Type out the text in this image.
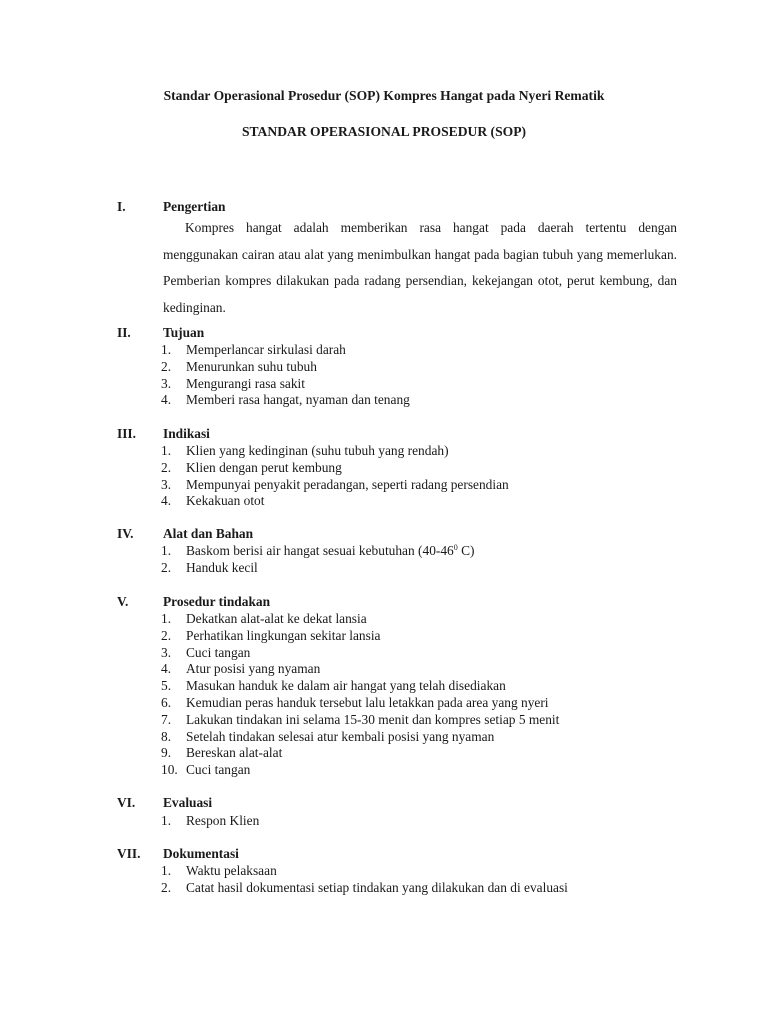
Standar Operasional Prosedur (SOP) Kompres Hangat pada Nyeri Rematik
STANDAR OPERASIONAL PROSEDUR (SOP)
I.	Pengertian

Kompres hangat adalah memberikan rasa hangat pada daerah tertentu dengan menggunakan cairan atau alat yang menimbulkan hangat pada bagian tubuh yang memerlukan. Pemberian kompres dilakukan pada radang persendian, kekejangan otot, perut kembung, dan kedinginan.

II. Tujuan
1. Memperlancar sirkulasi darah
2. Menurunkan suhu tubuh
3. Mengurangi rasa sakit
4. Memberi rasa hangat, nyaman dan tenang
III. Indikasi
1. Klien yang kedinginan (suhu tubuh yang rendah)
2. Klien dengan perut kembung
3. Mempunyai penyakit peradangan, seperti radang persendian
4. Kekakuan otot
IV. Alat dan Bahan
1. Baskom berisi air hangat sesuai kebutuhan ($40-46^0$ C)
2. Handuk kecil
V.	Prosedur tindakan
1. Dekatkan alat-alat ke dekat lansia
2. Perhatikan lingkungan sekitar lansia
3. Cuci tangan
4. Atur posisi yang nyaman
5. Masukan handuk ke dalam air hangat yang telah disediakan
6. Kemudian peras handuk tersebut lalu letakkan pada area yang nyeri
7. Lakukan tindakan ini selama 15-30 menit dan kompres setiap 5 menit
8. Setelah tindakan selesai atur kembali posisi yang nyaman
9. Bereskan alat-alat
10. Cuci tangan
VI. Evaluasi
1. Respon Klien
VII. Dokumentasi
1. Waktu pelaksaan
2. Catat hasil dokumentasi setiap tindakan yang dilakukan dan di evaluasi
